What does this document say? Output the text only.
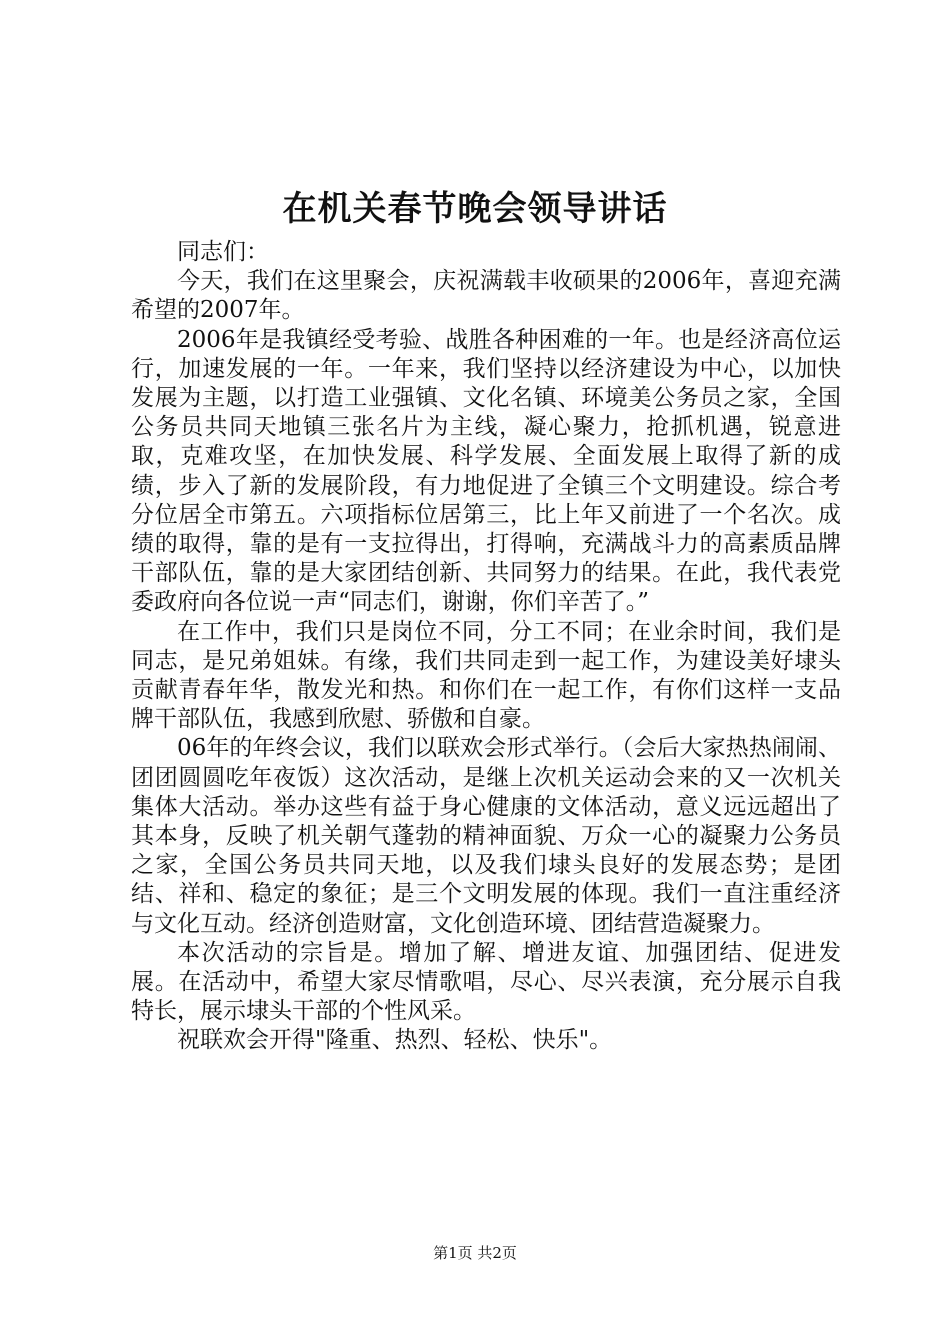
在机关春节晚会领导讲话

同志们：

今天，我们在这里聚会，庆祝满载丰收硕果的2006年，喜迎充满希望的2007年。

2006年是我镇经受考验、战胜各种困难的一年。也是经济高位运行，加速发展的一年。一年来，我们坚持以经济建设为中心，以加快发展为主题，以打造工业强镇、文化名镇、环境美公务员之家，全国公务员共同天地镇三张名片为主线，凝心聚力，抢抓机遇，锐意进取，克难攻坚，在加快发展、科学发展、全面发展上取得了新的成绩，步入了新的发展阶段，有力地促进了全镇三个文明建设。综合考分位居全市第五。六项指标位居第三，比上年又前进了一个名次。成绩的取得，靠的是有一支拉得出，打得响，充满战斗力的高素质品牌干部队伍，靠的是大家团结创新、共同努力的结果。在此，我代表党委政府向各位说一声“同志们，谢谢，你们辛苦了。”

在工作中，我们只是岗位不同，分工不同；在业余时间，我们是同志，是兄弟姐妹。有缘，我们共同走到一起工作，为建设美好埭头贡献青春年华，散发光和热。和你们在一起工作，有你们这样一支品牌干部队伍，我感到欣慰、骄傲和自豪。

06年的年终会议，我们以联欢会形式举行。（会后大家热热闹闹、团团圆圆吃年夜饭）这次活动，是继上次机关运动会来的又一次机关集体大活动。举办这些有益于身心健康的文体活动，意义远远超出了其本身，反映了机关朝气蓬勃的精神面貌、万众一心的凝聚力公务员之家，全国公务员共同天地，以及我们埭头良好的发展态势；是团结、祥和、稳定的象征；是三个文明发展的体现。我们一直注重经济与文化互动。经济创造财富，文化创造环境、团结营造凝聚力。

本次活动的宗旨是。增加了解、增进友谊、加强团结、促进发展。在活动中，希望大家尽情歌唱，尽心、尽兴表演，充分展示自我特长，展示埭头干部的个性风采。

祝联欢会开得"隆重、热烈、轻松、快乐"。

第1页 共2页
